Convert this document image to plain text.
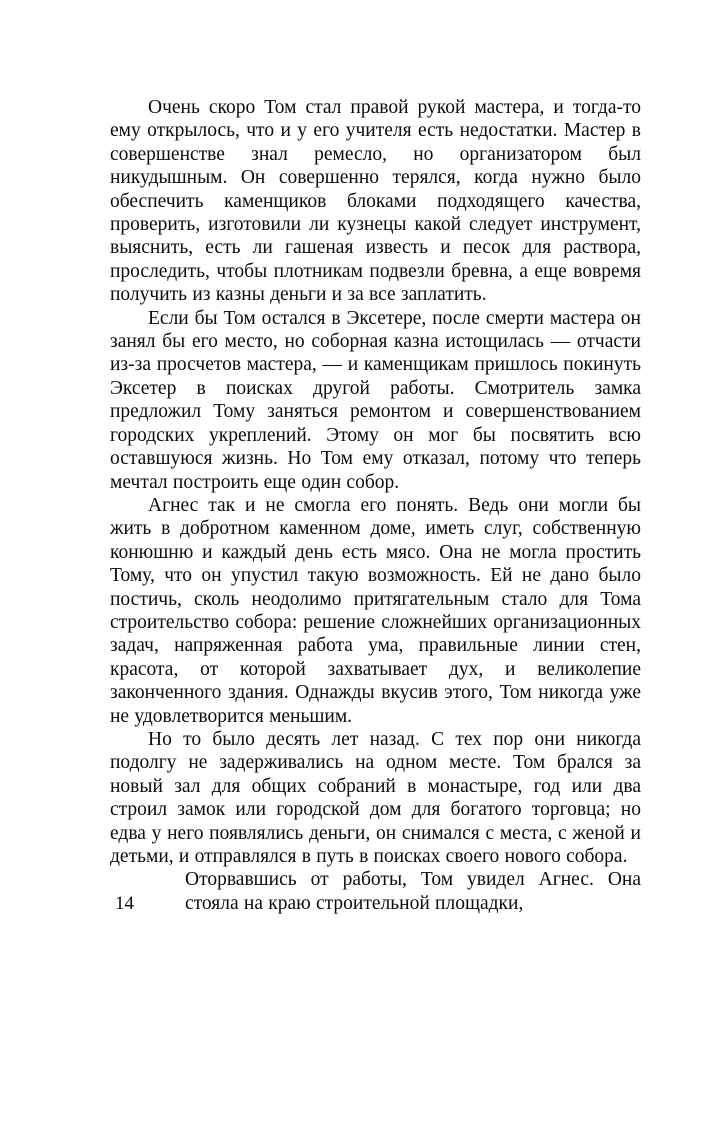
Очень скоро Том стал правой рукой мастера, и тогда-то ему открылось, что и у его учителя есть недостатки. Мастер в совершенстве знал ремесло, но организатором был никудышным. Он совершенно терялся, когда нужно было обеспечить каменщиков блоками подходящего качества, проверить, изготовили ли кузнецы какой следует инструмент, выяснить, есть ли гашеная известь и песок для раствора, проследить, чтобы плотникам подвезли бревна, а еще вовремя получить из казны деньги и за все заплатить.

Если бы Том остался в Эксетере, после смерти мастера он занял бы его место, но соборная казна истощилась — отчасти из-за просчетов мастера, — и каменщикам пришлось покинуть Эксетер в поисках другой работы. Смотритель замка предложил Тому заняться ремонтом и совершенствованием городских укреплений. Этому он мог бы посвятить всю оставшуюся жизнь. Но Том ему отказал, потому что теперь мечтал построить еще один собор.

Агнес так и не смогла его понять. Ведь они могли бы жить в добротном каменном доме, иметь слуг, собственную конюшню и каждый день есть мясо. Она не могла простить Тому, что он упустил такую возможность. Ей не дано было постичь, сколь неодолимо притягательным стало для Тома строительство собора: решение сложнейших организационных задач, напряженная работа ума, правильные линии стен, красота, от которой захватывает дух, и великолепие законченного здания. Однажды вкусив этого, Том никогда уже не удовлетворится меньшим.

Но то было десять лет назад. С тех пор они никогда подолгу не задерживались на одном месте. Том брался за новый зал для общих собраний в монастыре, год или два строил замок или городской дом для богатого торговца; но едва у него появлялись деньги, он снимался с места, с женой и детьми, и отправлялся в путь в поисках своего нового собора.

14

Оторвавшись от работы, Том увидел Агнес. Она стояла на краю строительной площадки,
